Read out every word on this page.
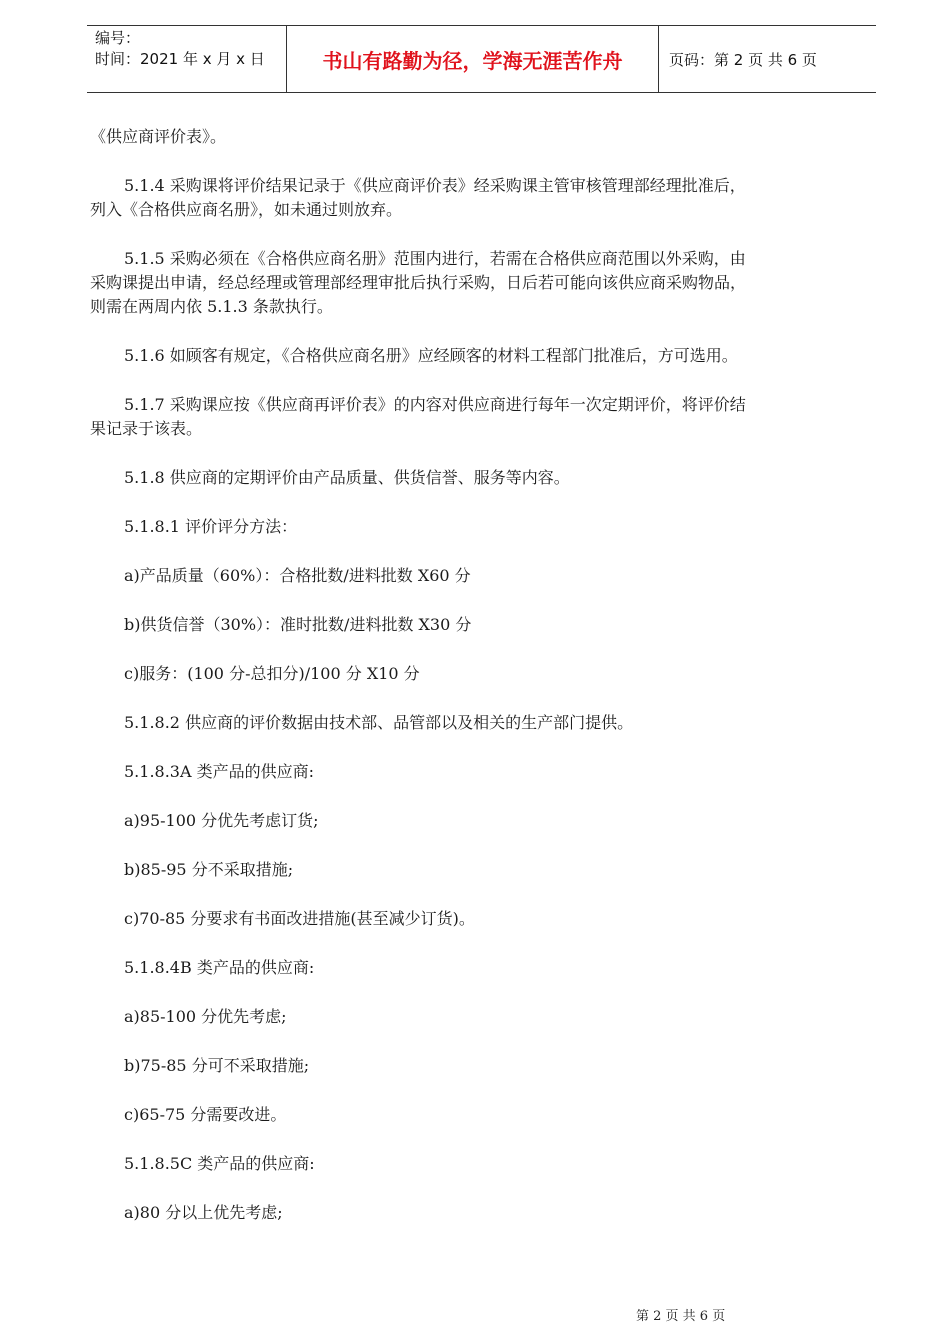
编号：
时间：2021 年 x 月 x 日	书山有路勤为径，学海无涯苦作舟	页码：第 2 页 共 6 页
《供应商评价表》。
5.1.4 采购课将评价结果记录于《供应商评价表》经采购课主管审核管理部经理批准后，
列入《合格供应商名册》，如未通过则放弃。
5.1.5 采购必须在《合格供应商名册》范围内进行，若需在合格供应商范围以外采购，由
采购课提出申请，经总经理或管理部经理审批后执行采购，日后若可能向该供应商采购物品，
则需在两周内依 5.1.3 条款执行。
5.1.6 如顾客有规定，《合格供应商名册》应经顾客的材料工程部门批准后，方可选用。
5.1.7 采购课应按《供应商再评价表》的内容对供应商进行每年一次定期评价，将评价结
果记录于该表。
5.1.8 供应商的定期评价由产品质量、供货信誉、服务等内容。
5.1.8.1 评价评分方法：
a)产品质量（60%）：合格批数/进料批数 X60 分
b)供货信誉（30%）：准时批数/进料批数 X30 分
c)服务：(100 分-总扣分)/100 分 X10 分
5.1.8.2 供应商的评价数据由技术部、品管部以及相关的生产部门提供。
5.1.8.3A 类产品的供应商:
a)95-100 分优先考虑订货;
b)85-95 分不采取措施;
c)70-85 分要求有书面改进措施(甚至减少订货)。
5.1.8.4B 类产品的供应商:
a)85-100 分优先考虑;
b)75-85 分可不采取措施;
c)65-75 分需要改进。
5.1.8.5C 类产品的供应商:
a)80 分以上优先考虑;
第 2 页 共 6 页
